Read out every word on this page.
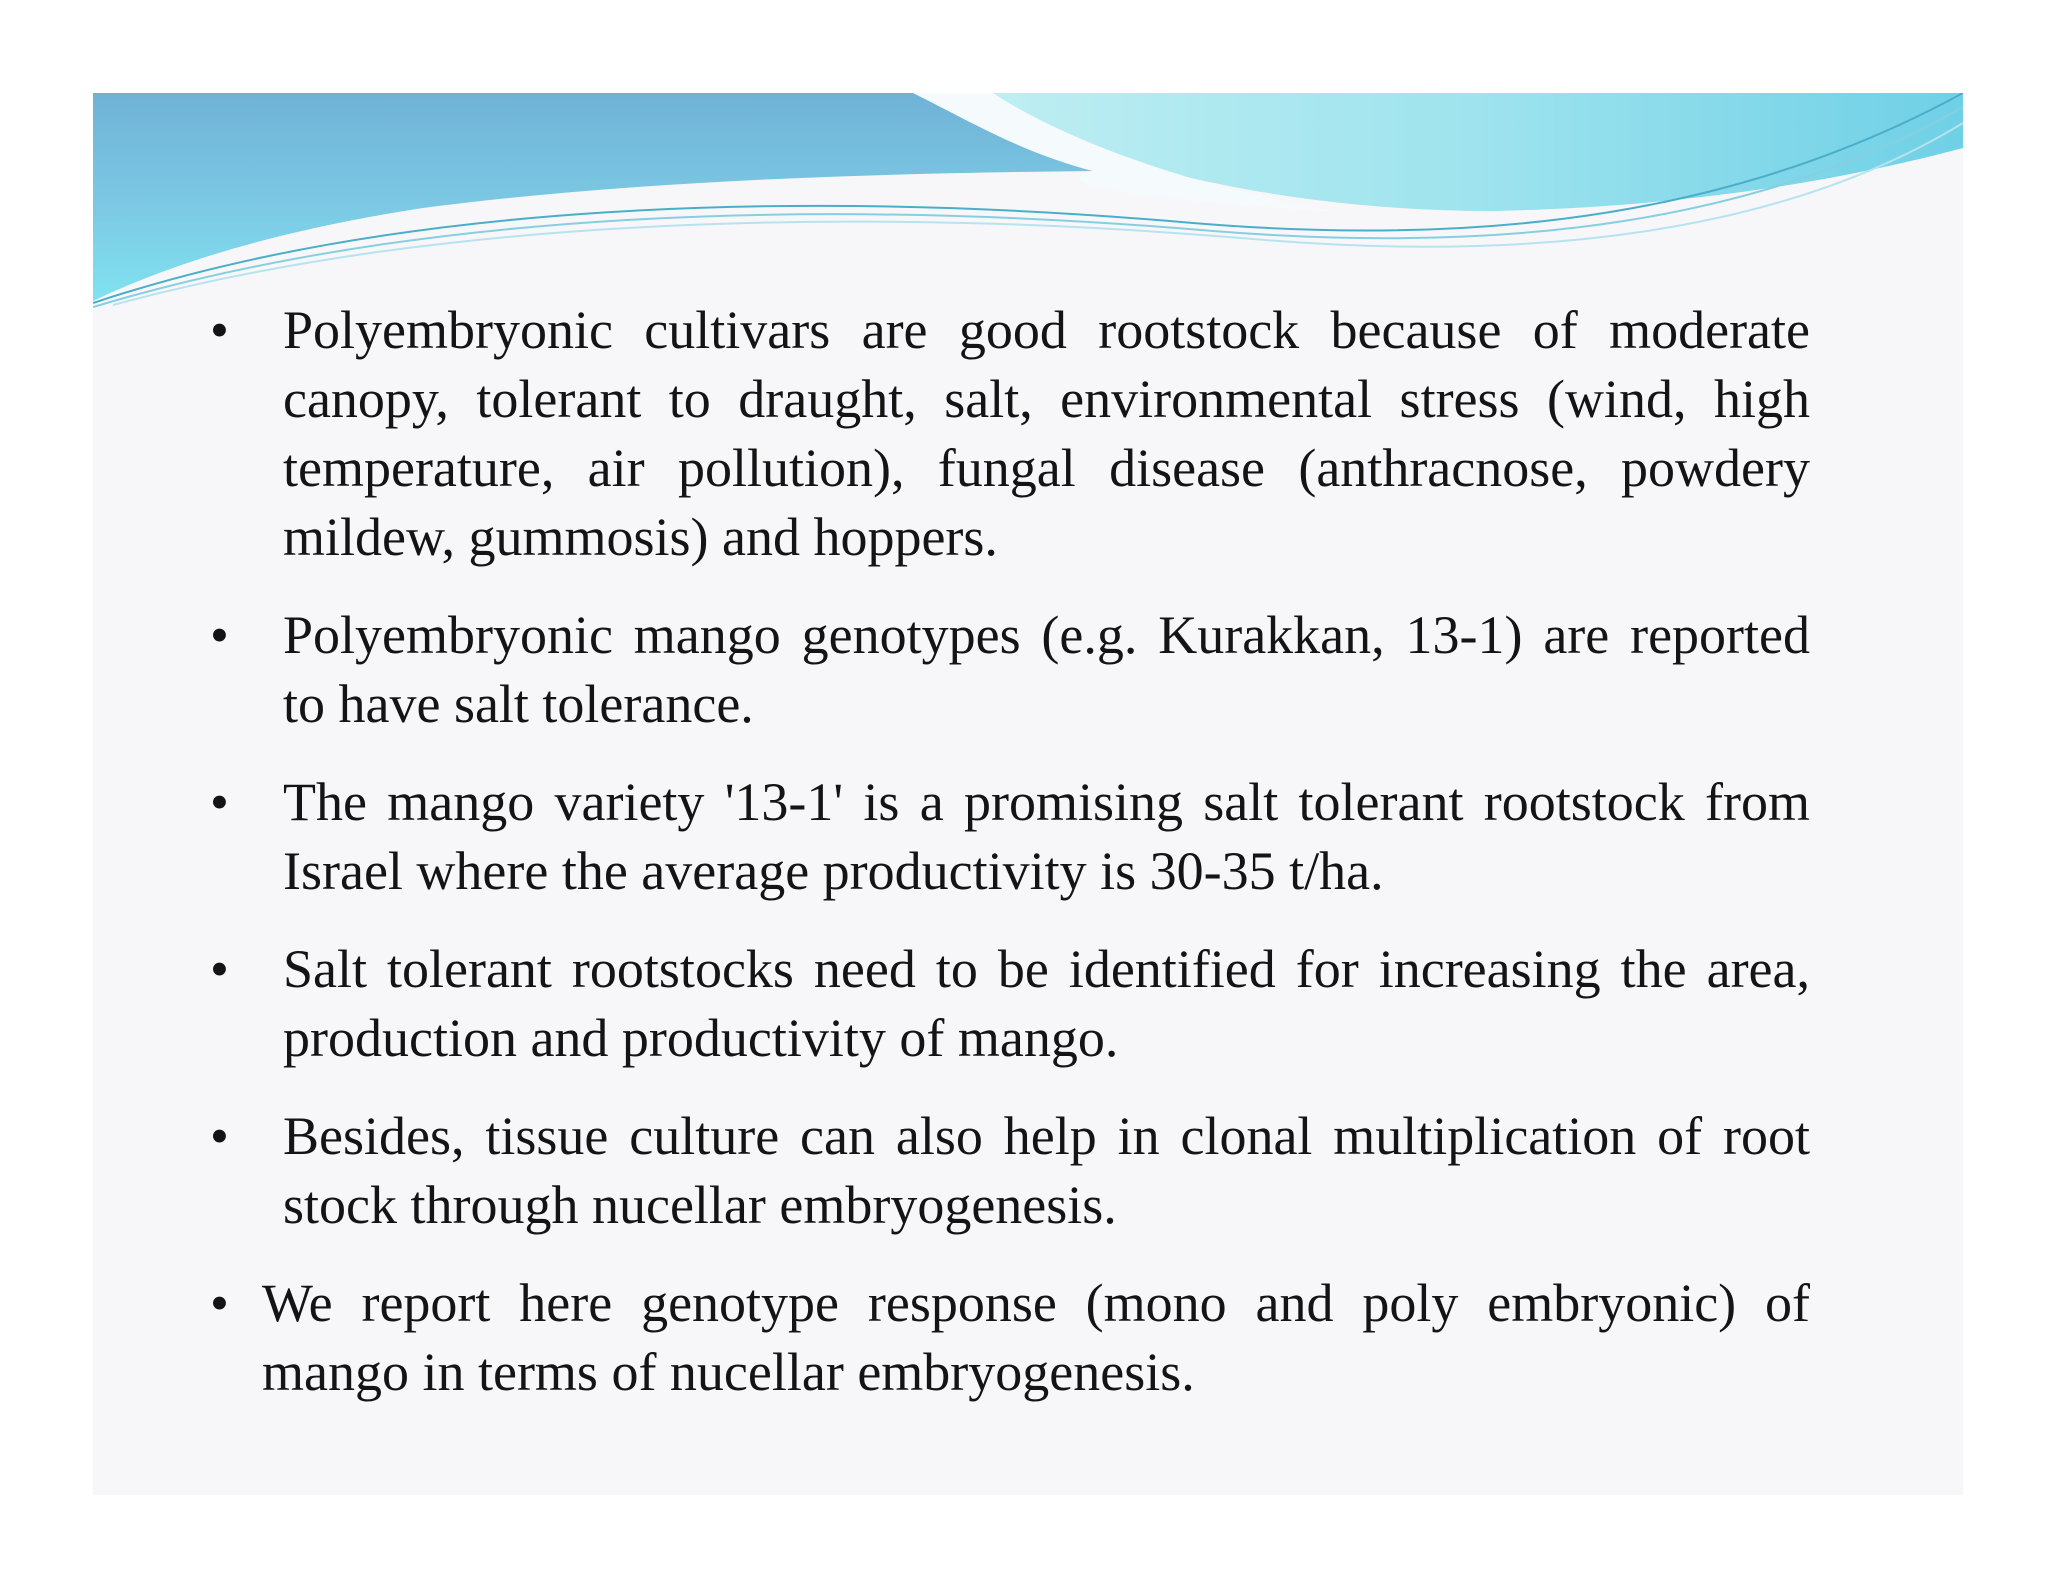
•	Polyembryonic cultivars are good rootstock because of moderate canopy, tolerant to draught, salt, environmental stress (wind, high temperature, air pollution), fungal disease (anthracnose, powdery mildew, gummosis) and hoppers.

•	Polyembryonic mango genotypes (e.g. Kurakkan, 13-1) are reported to have salt tolerance.

•	The mango variety '13-1' is a promising salt tolerant rootstock from Israel where the average productivity is 30-35 t/ha.

•	Salt tolerant rootstocks need to be identified for increasing the area, production and productivity of mango.

•	Besides, tissue culture can also help in clonal multiplication of root stock through nucellar embryogenesis.

• We report here genotype response (mono and poly embryonic) of mango in terms of nucellar embryogenesis.
